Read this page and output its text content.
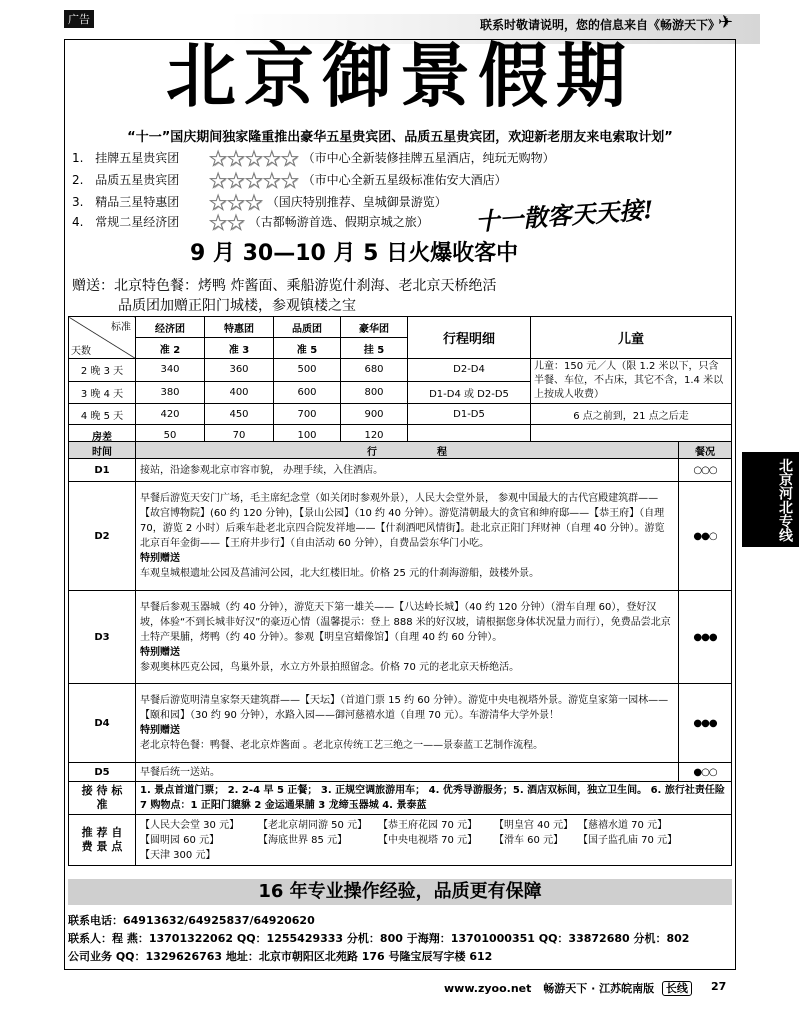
广告	联系时敬请说明，您的信息来自《畅游天下》
✈
北京御景假期
“十一”国庆期间独家隆重推出豪华五星贵宾团、品质五星贵宾团，欢迎新老朋友来电索取计划”
1. 挂牌五星贵宾团 ★★★★★ （市中心全新装修挂牌五星酒店，纯玩无购物）
2. 品质五星贵宾团 ★★★★★ （市中心全新五星级标准佑安大酒店）
3. 精品三星特惠团 ★★★ （国庆特别推荐、皇城御景游览）
4. 常规二星经济团 ★★ （古都畅游首选、假期京城之旅） 十一散客天天接!
9 月 30—10 月 5 日火爆收客中
赠送：北京特色餐：烤鸭 炸酱面、乘船游览什刹海、老北京天桥绝活
品质团加赠正阳门城楼，参观镇楼之宝
标准
天数	经济团	特惠团	品质团	豪华团	行程明细	儿童
	准 2	准 3	准 5	挂 5		
2 晚 3 天	340	360	500	680	D2-D4	儿童：150 元／人（限 1.2 米以下，只含半餐、车位，不占床，其它不含，1.4 米以上按成人收费）
3 晚 4 天	380	400	600	800	D1-D4 或 D2-D5	
4 晚 5 天	420	450	700	900	D1-D5	6 点之前到，21 点之后走
房差	50	70	100	120		
时间	行　　　　　　程	餐况
D1	接站，沿途参观北京市容市貌， 办理手续，入住酒店。	○○○
D2	早餐后游览天安门广场，毛主席纪念堂（如关闭时参观外景），人民大会堂外景， 参观中国最大的古代宫殿建筑群——【故宫博物院】(60 约 120 分钟)，【景山公园】（10 约 40 分钟）。游览清朝最大的贪官和绅府邸——【恭王府】（自理 70，游览 2 小时）后乘车赴老北京四合院发祥地——【什刹酒吧风情街】。赴北京正阳门拜财神（自理 40 分钟）。游览北京百年金街——【王府井步行】（自由活动 60 分钟），自费品尝东华门小吃。
特别赠送
车观皇城根遗址公园及菖浦河公园，北大红楼旧址。价格 25 元的什刹海游船，鼓楼外景。	●●○
D3	早餐后参观玉器城（约 40 分钟），游览天下第一雄关——【八达岭长城】（40 约 120 分钟）（滑车自理 60），登好汉坡，体验“不到长城非好汉”的豪迈心情（温馨提示：登上 888 米的好汉坡，请根据您身体状况量力而行），免费品尝北京土特产果脯，烤鸭（约 40 分钟）。参观【明皇宫蜡像馆】（自理 40 约 60 分钟）。
特别赠送
参观奥林匹克公园，鸟巢外景，水立方外景拍照留念。价格 70 元的老北京天桥绝活。	●●●
D4	早餐后游览明清皇家祭天建筑群——【天坛】（首道门票 15 约 60 分钟）。游览中央电视塔外景。游览皇家第一园林——【颐和园】（30 约 90 分钟），水路入园——御河慈禧水道（自理 70 元）。车游清华大学外景！
特别赠送
老北京特色餐：鸭餐、老北京炸酱面 。老北京传统工艺三绝之一——景泰蓝工艺制作流程。	●●●
D5	早餐后统一送站。	●○○
接 待 标 准	1. 景点首道门票； 2. 2-4 早 5 正餐； 3. 正规空调旅游用车； 4. 优秀导游服务；5. 酒店双标间，独立卫生间。 6. 旅行社责任险 7 购物点：1 正阳门貔貅 2 金运通果脯 3 龙缔玉器城 4. 景泰蓝	
推 荐 自 费 景 点	【人民大会堂 30 元】 【老北京胡同游 50 元】 【恭王府花园 70 元】 【明皇宫 40 元】 【慈禧水道 70 元】
【圆明园 60 元】 【海底世界 85 元】 【中央电视塔 70 元】 【滑车 60 元】 【国子监孔庙 70 元】
【天津 300 元】	
北京河北专线
16 年专业操作经验，品质更有保障
联系电话：64913632/64925837/64920620
联系人：程 燕：13701322062 QQ：1255429333 分机：800 于海翔：13701000351 QQ：33872680 分机：802
公司业务 QQ：1329626763 地址：北京市朝阳区北苑路 176 号隆宝辰写字楼 612
www.zyoo.net 畅游天下 · 江苏皖南版 长线	27
